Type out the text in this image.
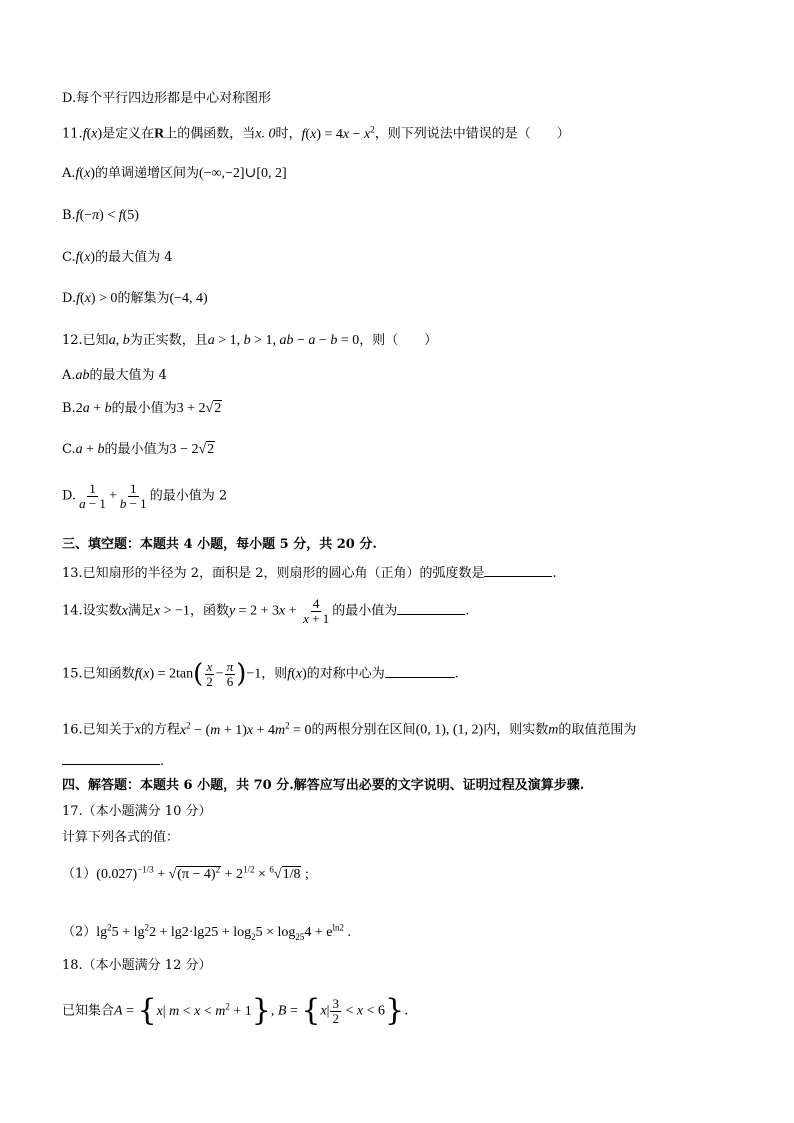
D.每个平行四边形都是中心对称图形
11.f(x)是定义在R上的偶函数，当x. 0时，$f(x) = 4x - x^2$，则下列说法中错误的是（　　）
A.f(x)的单调递增区间为(−∞,−2]∪[0, 2]
B.f(−π) < f(5)
C.f(x)的最大值为 4
D.f(x) > 0的解集为(−4, 4)
12.已知a, b为正实数，且a > 1, b > 1, ab − a − b = 0，则（　　）
A.ab的最大值为 4
B.2a + b的最小值为3 + 2√2
C.a + b的最小值为3 − 2√2
D. $\frac{1}{a - 1} + \frac{1}{b - 1}$ 的最小值为 2
三、填空题：本题共 4 小题，每小题 5 分，共 20 分.
13.已知扇形的半径为 2，面积是 2，则扇形的圆心角（正角）的弧度数是	.
14.设实数x满足x > −1，函数$y = 2 + 3x + \frac{4}{x + 1}$ 的最小值为	.
15.已知函数$f(x) = 2\tan( \frac{x}{2} - \frac{\pi}{6} )-1$，则f(x)的对称中心为	.
16.已知关于x的方程$x^2 - (m + 1)x + 4m^2 = 0$的两根分别在区间(0, 1), (1, 2)内，则实数m的取值范围为
.
四、解答题：本题共 6 小题，共 70 分.解答应写出必要的文字说明、证明过程及演算步骤.
17.（本小题满分 10 分）
计算下列各式的值：
$(1)(0.027)^{-1/3} + √(\pi - 4)^2 + 2^{1/2} \times ^6√1/8$ ;
$(2)\lg^25 + \lg^22 + \lg 2\cdot\lg 25 + \log_25 \times \log_{25}4 + e^{ln2}$ .
18.（本小题满分 12 分）
已知集合A = {x| $m < x < m^2 + 1$}, $B = \{x| \frac{3}{2} < x < 6\}$.
